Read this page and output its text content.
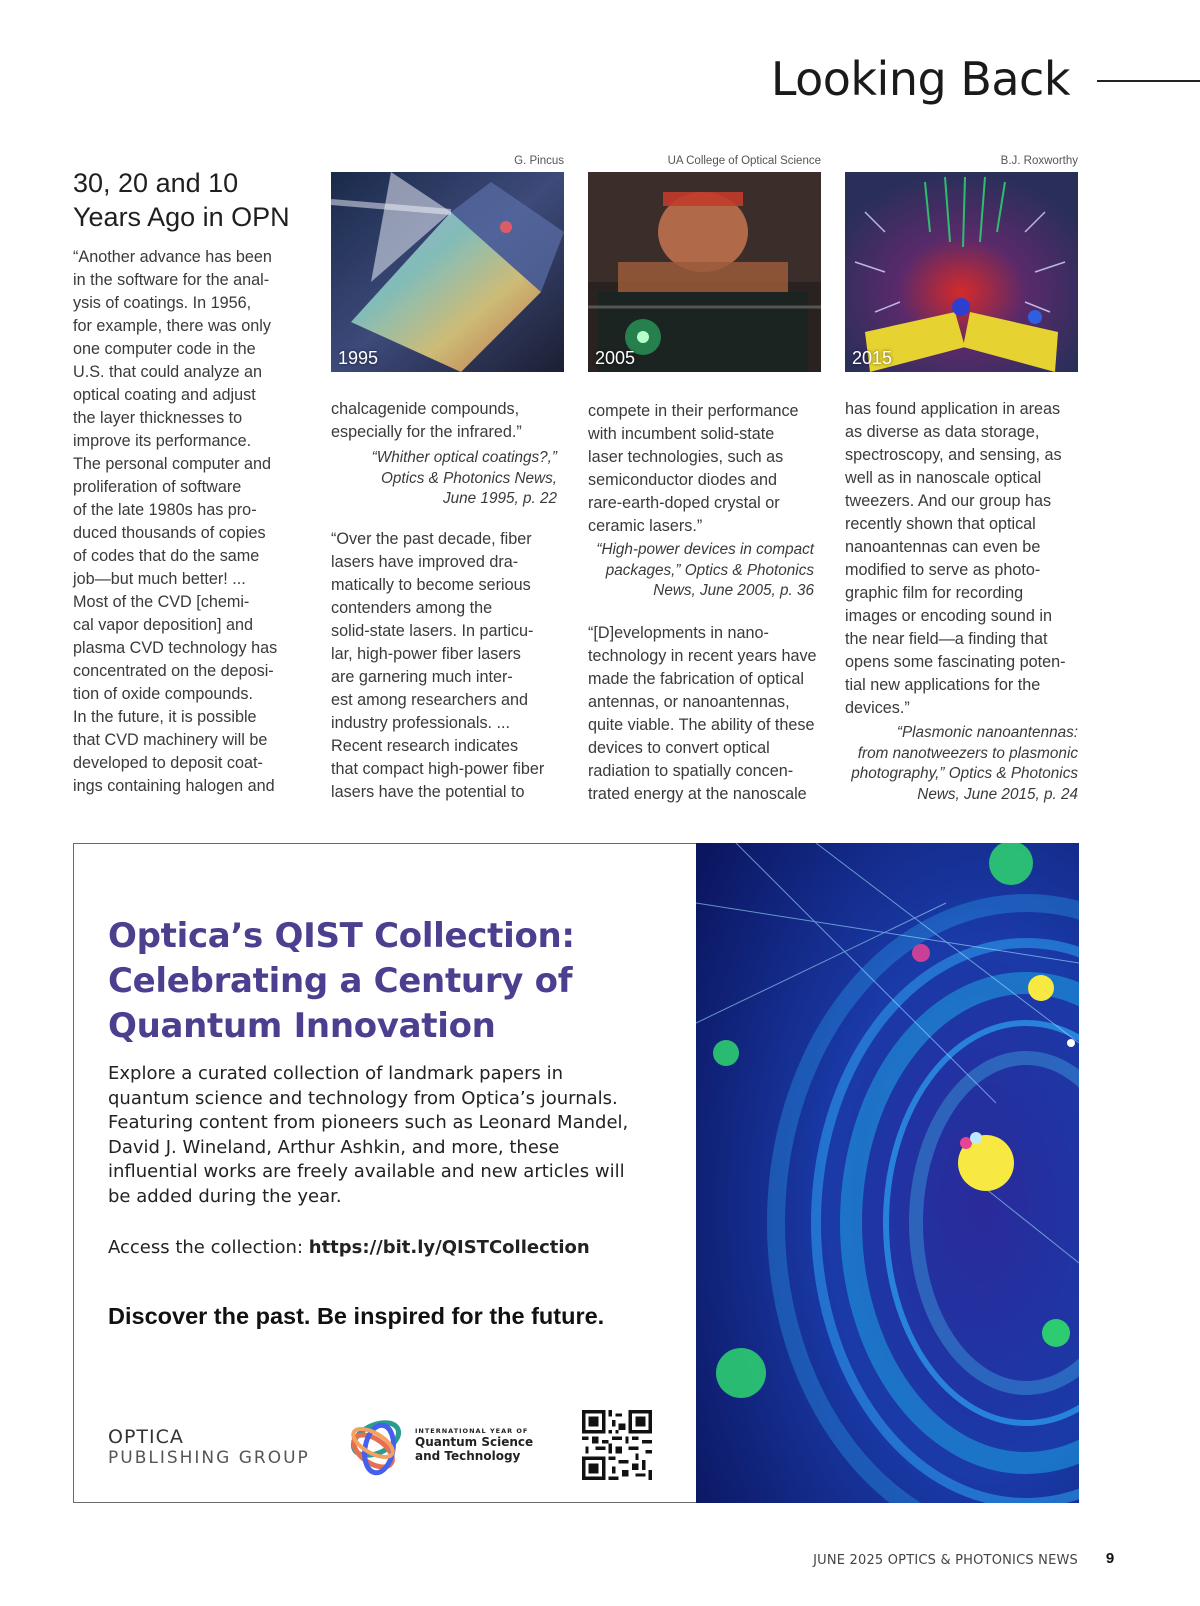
Looking Back
30, 20 and 10
Years Ago in OPN

“Another advance has been
in the software for the anal-
ysis of coatings. In 1956,
for example, there was only
one computer code in the
U.S. that could analyze an
optical coating and adjust
the layer thicknesses to
improve its performance.
The personal computer and
proliferation of software
of the late 1980s has pro-
duced thousands of copies
of codes that do the same
job—but much better! ...
Most of the CVD [chemi-
cal vapor deposition] and
plasma CVD technology has
concentrated on the deposi-
tion of oxide compounds.
In the future, it is possible
that CVD machinery will be
developed to deposit coat-
ings containing halogen and

G. Pincus
1995
UA College of Optical Science
2005
B.J. Roxworthy
2015

chalcagenide compounds,
especially for the infrared.”

“Whither optical coatings?,”
Optics & Photonics News,
June 1995, p. 22

“Over the past decade, fiber
lasers have improved dra-
matically to become serious
contenders among the
solid-state lasers. In particu-
lar, high-power fiber lasers
are garnering much inter-
est among researchers and
industry professionals. ...
Recent research indicates
that compact high-power fiber
lasers have the potential to

compete in their performance
with incumbent solid-state
laser technologies, such as
semiconductor diodes and
rare-earth-doped crystal or
ceramic lasers.”

“High-power devices in compact
packages,” Optics & Photonics
News, June 2005, p. 36

“[D]evelopments in nano-
technology in recent years have
made the fabrication of optical
antennas, or nanoantennas,
quite viable. The ability of these
devices to convert optical
radiation to spatially concen-
trated energy at the nanoscale

has found application in areas
as diverse as data storage,
spectroscopy, and sensing, as
well as in nanoscale optical
tweezers. And our group has
recently shown that optical
nanoantennas can even be
modified to serve as photo-
graphic film for recording
images or encoding sound in
the near field—a finding that
opens some fascinating poten-
tial new applications for the
devices.”

“Plasmonic nanoantennas:
from nanotweezers to plasmonic
photography,” Optics & Photonics
News, June 2015, p. 24

Optica’s QIST Collection:
Celebrating a Century of
Quantum Innovation

Explore a curated collection of landmark papers in
quantum science and technology from Optica’s journals.
Featuring content from pioneers such as Leonard Mandel,
David J. Wineland, Arthur Ashkin, and more, these
influential works are freely available and new articles will
be added during the year.

Access the collection: https://bit.ly/QISTCollection
Discover the past. Be inspired for the future.
OPTICA
PUBLISHING GROUP
INTERNATIONAL YEAR OF
Quantum Science
and Technology
JUNE 2025 OPTICS & PHOTONICS NEWS	9
